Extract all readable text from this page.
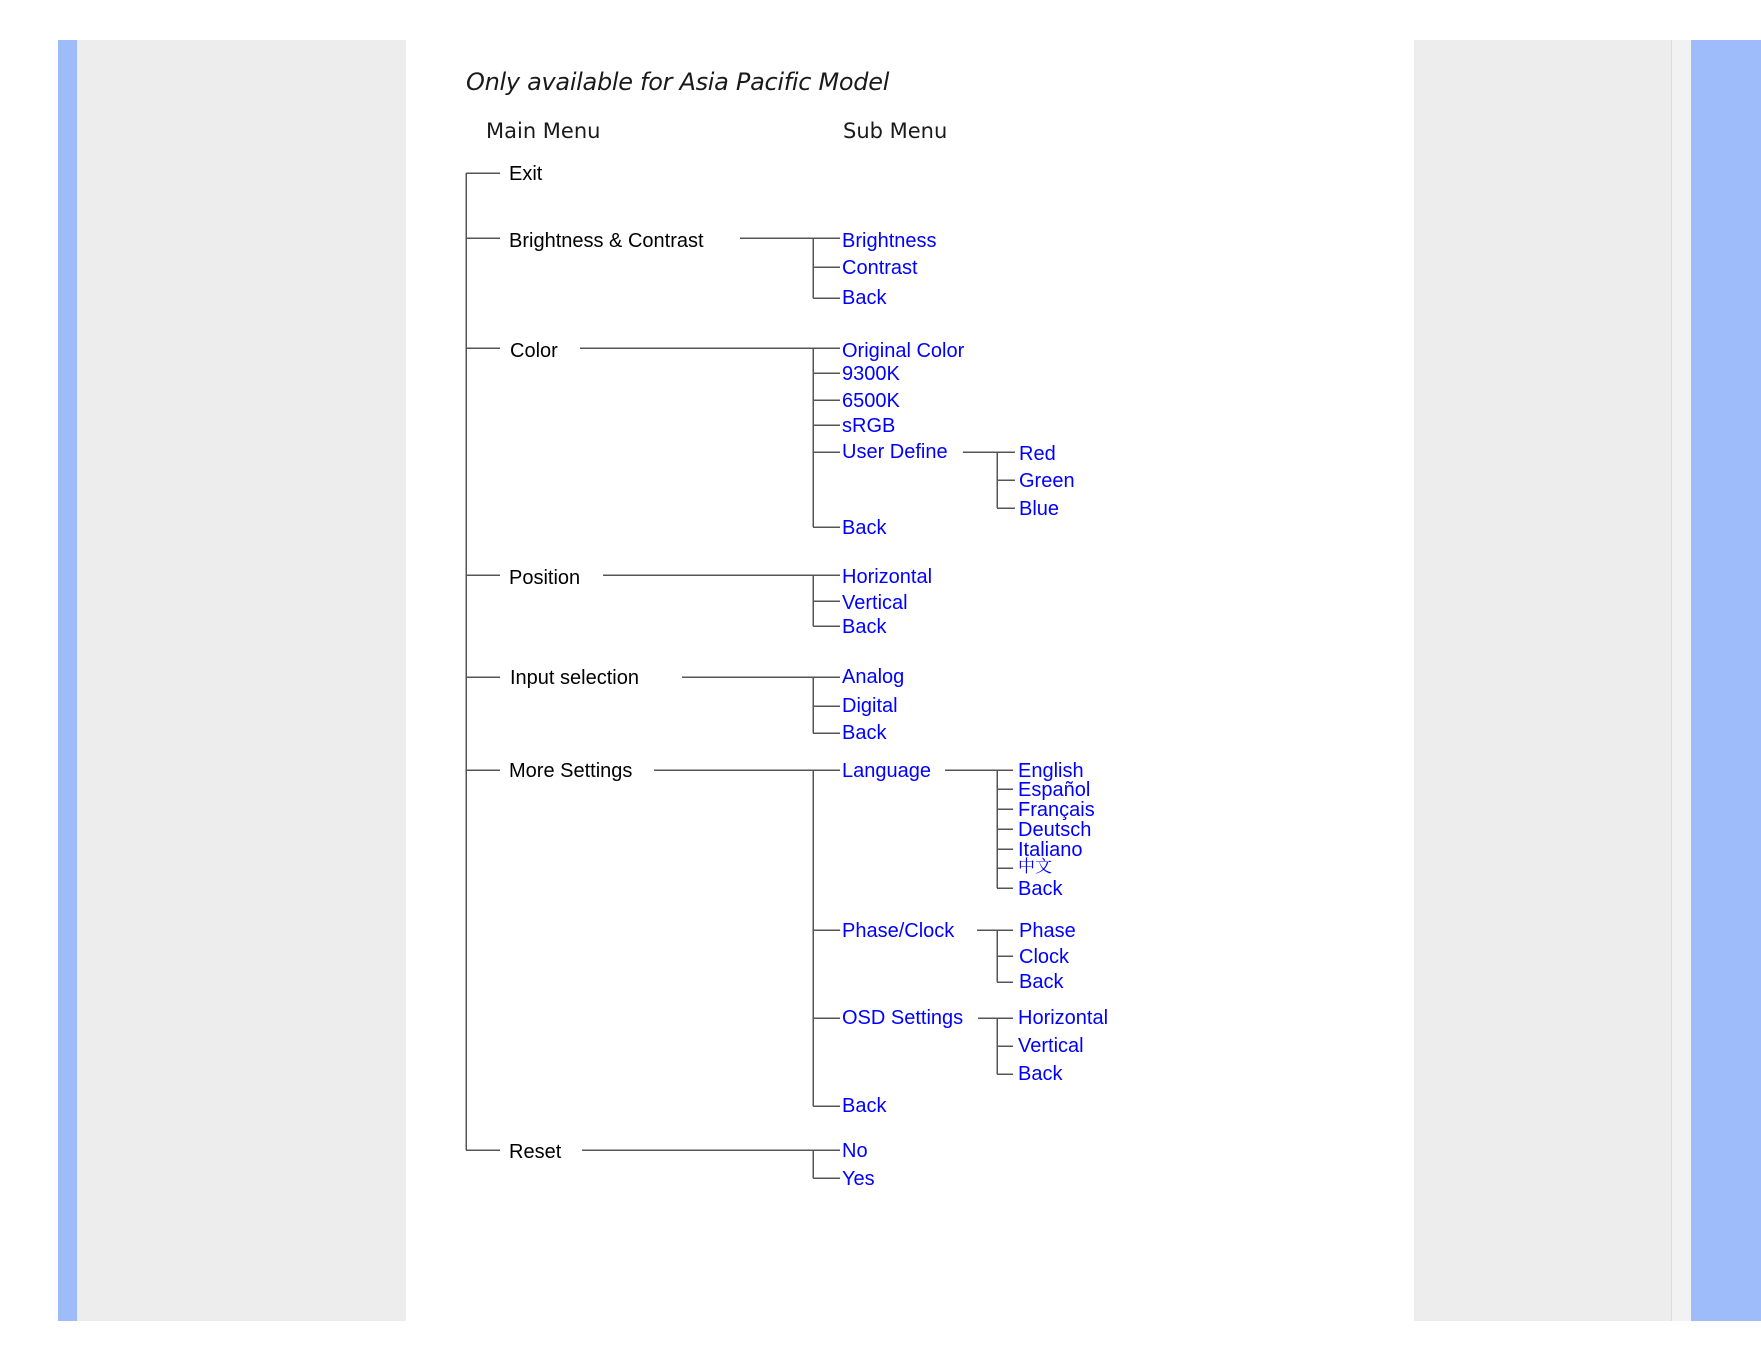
Only available for Asia Pacific Model
Main Menu	Sub Menu
Exit
Brightness & Contrast
Color
Position
Input selection
More Settings
Reset
Brightness
Contrast
Back
Original Color
9300K
6500K
sRGB
User Define
Back
Red
Green
Blue
Horizontal
Vertical
Back
Analog
Digital
Back
Language
Phase/Clock
OSD Settings
Back
English
Español
Français
Deutsch
Italiano
中文
Back
Phase
Clock
Back
Horizontal
Vertical
Back
No
Yes
